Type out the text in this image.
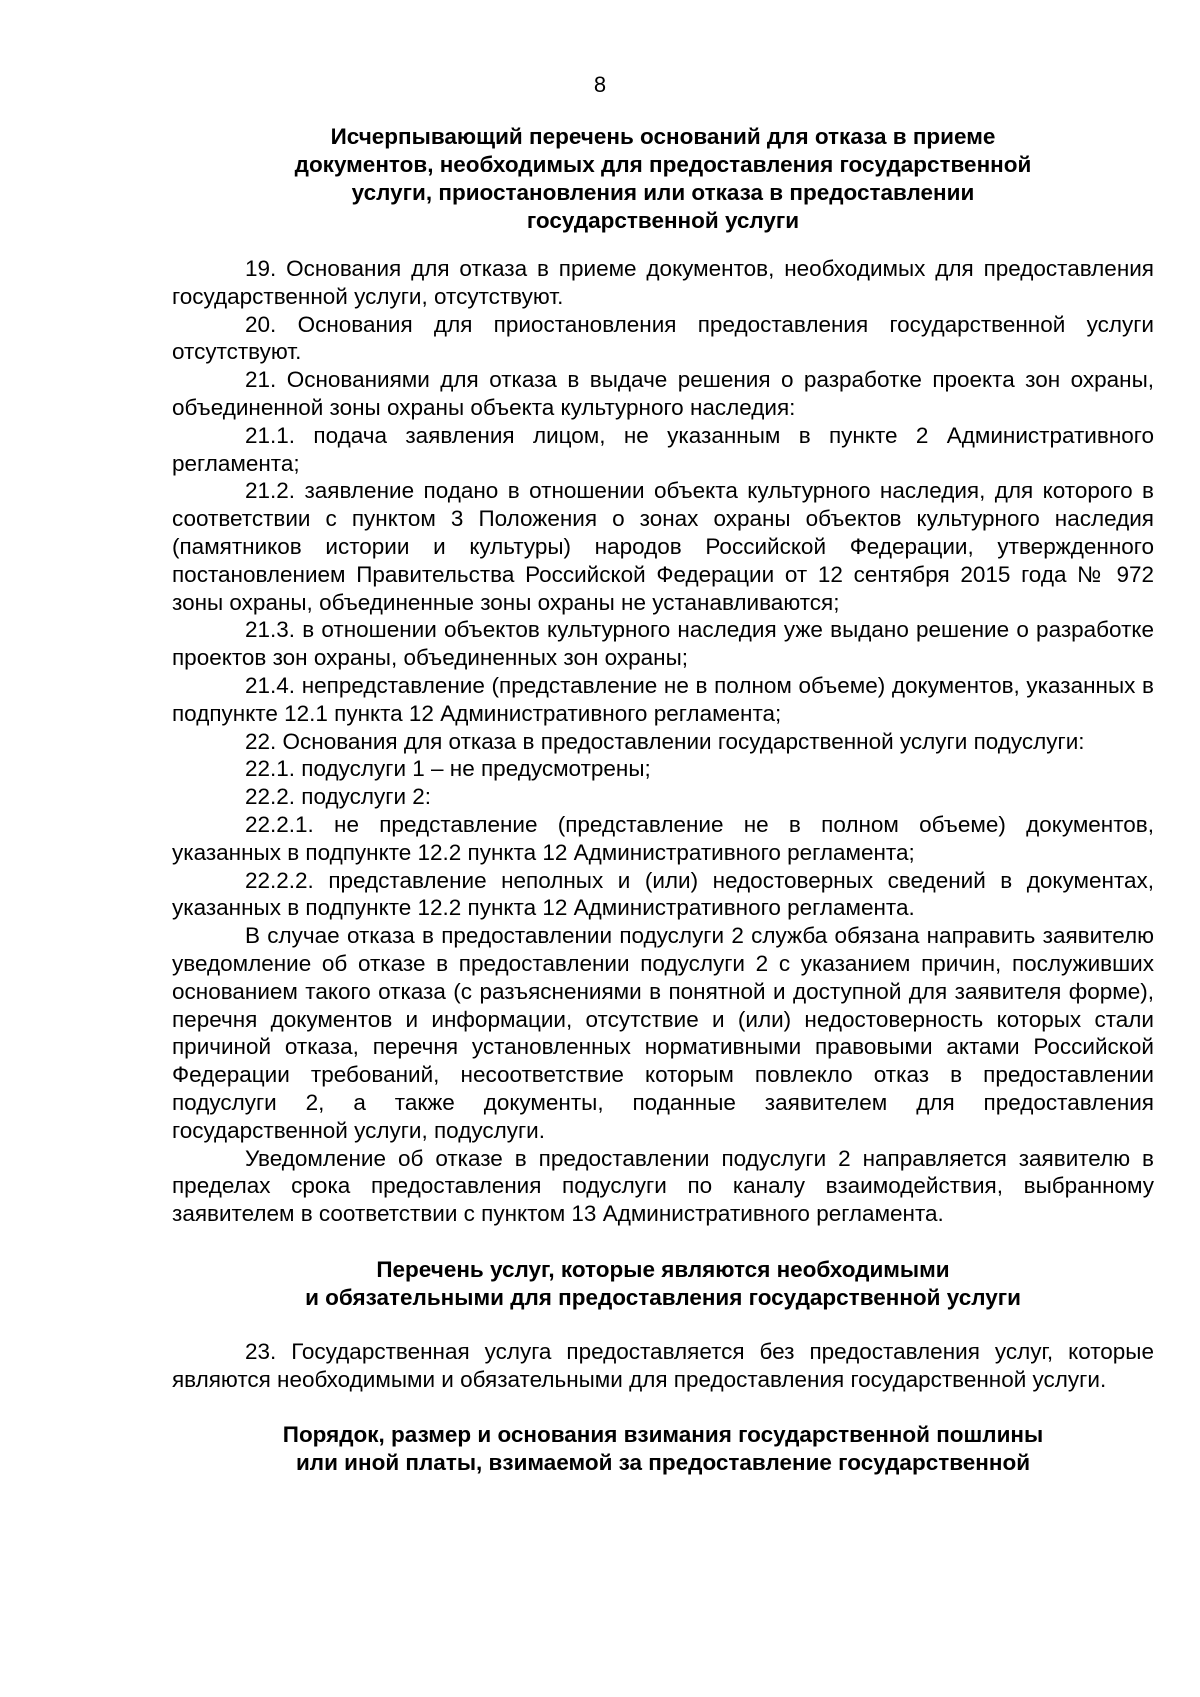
8
Исчерпывающий перечень оснований для отказа в приеме
документов, необходимых для предоставления государственной
услуги, приостановления или отказа в предоставлении
государственной услуги

19. Основания для отказа в приеме документов, необходимых для предоставления государственной услуги, отсутствуют.

20. Основания для приостановления предоставления государственной услуги отсутствуют.

21. Основаниями для отказа в выдаче решения о разработке проекта зон охраны, объединенной зоны охраны объекта культурного наследия:

21.1. подача заявления лицом, не указанным в пункте 2 Административного регламента;

21.2. заявление подано в отношении объекта культурного наследия, для которого в соответствии с пунктом 3 Положения о зонах охраны объектов культурного наследия (памятников истории и культуры) народов Российской Федерации, утвержденного постановлением Правительства Российской Федерации от 12 сентября 2015 года № 972 зоны охраны, объединенные зоны охраны не устанавливаются;

21.3. в отношении объектов культурного наследия уже выдано решение о разработке проектов зон охраны, объединенных зон охраны;

21.4. непредставление (представление не в полном объеме) документов, указанных в подпункте 12.1 пункта 12 Административного регламента;

22. Основания для отказа в предоставлении государственной услуги подуслуги:

22.1. подуслуги 1 – не предусмотрены;

22.2. подуслуги 2:

22.2.1. не представление (представление не в полном объеме) документов, указанных в подпункте 12.2 пункта 12 Административного регламента;

22.2.2. представление неполных и (или) недостоверных сведений в документах, указанных в подпункте 12.2 пункта 12 Административного регламента.

В случае отказа в предоставлении подуслуги 2 служба обязана направить заявителю уведомление об отказе в предоставлении подуслуги 2 с указанием причин, послуживших основанием такого отказа (с разъяснениями в понятной и доступной для заявителя форме), перечня документов и информации, отсутствие и (или) недостоверность которых стали причиной отказа, перечня установленных нормативными правовыми актами Российской Федерации требований, несоответствие которым повлекло отказ в предоставлении подуслуги 2, а также документы, поданные заявителем для предоставления государственной услуги, подуслуги.

Уведомление об отказе в предоставлении подуслуги 2 направляется заявителю в пределах срока предоставления подуслуги по каналу взаимодействия, выбранному заявителем в соответствии с пунктом 13 Административного регламента.

Перечень услуг, которые являются необходимыми
и обязательными для предоставления государственной услуги

23. Государственная услуга предоставляется без предоставления услуг, которые являются необходимыми и обязательными для предоставления государственной услуги.

Порядок, размер и основания взимания государственной пошлины
или иной платы, взимаемой за предоставление государственной
